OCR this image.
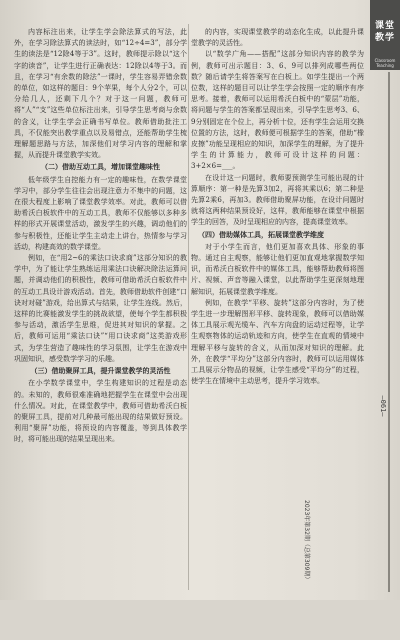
课堂
教学
Classroom Teaching

内容标注出来，让学生学会除法算式的写法，此外，在学习除法算式的读法时，如“12÷4=3”，部分学生的读法是“12除4等于3”。这时，教师提示除以“这个字的读音”，让学生进行正确表达：12除以4等于3。而且，在学习“有余数的除法”一课时，学生容易弄错余数的单位，如这样的题目：9个苹果，每个人分2个，可以分给几人，还剩下几个？对于这一问题，教师可将“人”“支”这些单位标注出来，引导学生思考商与余数的含义，让学生学会正确书写单位。教师借助批注工具，不仅能突出教学重点以及易错点，还能帮助学生梳理解题思路与方法，加深他们对学习内容的理解和掌握，从而提升课堂教学实效。

（二）借助互动工具，增加课堂趣味性

低年级学生自控能力有一定的趣味性，在数学课堂学习中，部分学生往往会出现注意力不集中的问题，这在很大程度上影响了课堂教学效率。对此，教师可以借助希沃白板软件中的互动工具，教师不仅能够以多种多样的形式开展课堂活动，激发学生的兴趣，调动他们的参与积极性，还能让学生主动走上讲台，热情参与学习活动，构建高效的数学课堂。

例如，在“用2~6的乘法口诀求商”这部分知识的教学中，为了能让学生熟练运用乘法口诀解决除法运算问题，并调动他们的积极性，教师可借助希沃白板软件中的互动工具设计游戏活动。首先，教师借助软件创建“口诀对对碰”游戏，给出算式与结果，让学生连线。然后，这样的比赛能激发学生的挑战欲望，使每个学生都积极参与活动，激活学生思维，促进其对知识的掌握。之后，教师可运用“乘法口诀”“用口诀求商”这类游戏形式，为学生营造了趣味性的学习氛围，让学生在游戏中巩固知识，感受数学学习的乐趣。

（三）借助聚屏工具，提升课堂教学的灵活性

在小学数学课堂中，学生构建知识的过程是动态的。未知的，教师很难准确地把握学生在课堂中会出现什么情况。对此，在课堂教学中，教师可借助希沃白板的聚屏工具，提前对几种最可能出现的结果做好预设。利用“聚屏”功能，将预设的内容覆盖，等到具体教学时，将可能出现的结果呈现出来。

的内容，实现课堂教学的动态化生成，以此提升课堂教学的灵活性。

以“数学广角——搭配”这部分知识内容的教学为例，教师可出示题目：3、6、9可以排列成哪些两位数？随后请学生将答案写在白板上。如学生提出一个两位数，这样的题目可以让学生学会按照一定的顺序有序思考。接着，教师可以运用希沃白板中的“蒙层”功能，将问题与学生的答案都呈现出来，引导学生思考3、6、9分别固定在个位上，再分析十位，还有学生会运用交换位置的方法，这时，教师便可根据学生的答案，借助“橡皮擦”功能呈现相应的知识，加深学生的理解，为了提升学生的计算能力，教师可设计这样的问题：3+2×6=___。

在设计这一问题时，教师要预测学生可能出现的计算顺序：第一种是先算3加2，再将其乘以6；第二种是先算2乘6，再加3。教师借助聚屏功能，在设计问题时就将这两种结果预设好，这样，教师能够在课堂中根据学生的回答，及时呈现相应的内容，提高课堂效率。

（四）借助媒体工具，拓展课堂教学维度

对于小学生而言，他们更加喜欢具体、形象的事物。通过自主观察，能够让他们更加直观地掌握数学知识，而希沃白板软件中的媒体工具，能够帮助教师将图片、视频、声音等融入课堂，以此帮助学生更深刻地理解知识，拓展课堂教学维度。

例如，在教学“平移、旋转”这部分内容时，为了使学生进一步理解图形平移、旋转现象，教师可以借助媒体工具展示观光缆车、汽车方向盘的运动过程等，让学生观察物体的运动轨迹和方向，使学生在直观的情境中理解平移与旋转的含义，从而加深对知识的理解。此外，在教学“平均分”这部分内容时，教师可以运用媒体工具展示分物品的视频，让学生感受“平均分”的过程，使学生在情境中主动思考，提升学习效率。

—061—
2023年第32期（总第309期）
